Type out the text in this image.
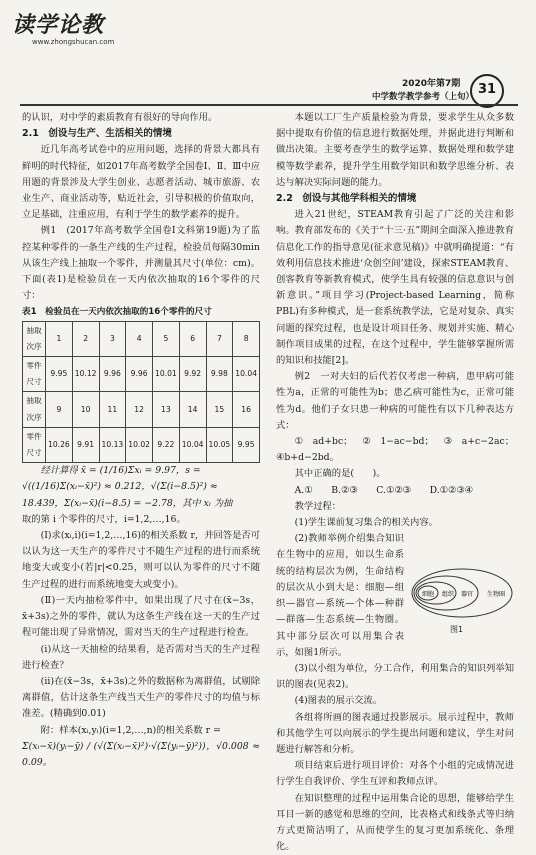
读学论教
www.zhongshucan.com
2020年第7期
中学数学教学参考（上旬） 31

的认识，对中学的素质教育有很好的导向作用。

2.1　创设与生产、生活相关的情境

近几年高考试卷中的应用问题，选择的背景大都具有鲜明的时代特征，如2017年高考数学全国卷Ⅰ、Ⅱ、Ⅲ中应用题的背景涉及大学生创业、志愿者活动、城市旅游、农业生产、商业活动等，贴近社会，引导积极的价值取向，立足基础，注重应用，有利于学生的数学素养的提升。

例1　(2017年高考数学全国卷Ⅰ文科第19题)为了监控某种零件的一条生产线的生产过程，检验员每隔30min从该生产线上抽取一个零件，并测量其尺寸(单位：cm)。下面(表1)是检验员在一天内依次抽取的16个零件的尺寸：

表1　检验员在一天内依次抽取的16个零件的尺寸

抽取次序	1	2	3	4	5	6	7	8
零件尺寸	9.95	10.12	9.96	9.96	10.01	9.92	9.98	10.04
抽取次序	9	10	11	12	13	14	15	16
零件尺寸	10.26	9.91	10.13	10.02	9.22	10.04	10.05	9.95

经计算得 x̄ = (1/16)Σxᵢ = 9.97，s =

√((1/16)Σ(xᵢ−x̄)²) ≈ 0.212，√(Σ(i−8.5)²) ≈

18.439，Σ(xᵢ−x̄)(i−8.5) = −2.78，其中 xᵢ 为抽

取的第 i 个零件的尺寸，i=1,2,…,16。

(Ⅰ)求(xᵢ,i)(i=1,2,…,16)的相关系数 r，并回答是否可以认为这一天生产的零件尺寸不随生产过程的进行而系统地变大或变小(若|r|<0.25，则可以认为零件的尺寸不随生产过程的进行而系统地变大或变小)。

(Ⅱ)一天内抽检零件中，如果出现了尺寸在(x̄−3s，x̄+3s)之外的零件，就认为这条生产线在这一天的生产过程可能出现了异常情况，需对当天的生产过程进行检查。

(ⅰ)从这一天抽检的结果看，是否需对当天的生产过程进行检查？

(ⅱ)在(x̄−3s，x̄+3s)之外的数据称为离群值，试剔除离群值，估计这条生产线当天生产的零件尺寸的均值与标准差。(精确到0.01)

附：样本(xᵢ,yᵢ)(i=1,2,…,n)的相关系数 r =

Σ(xᵢ−x̄)(yᵢ−ȳ) / (√(Σ(xᵢ−x̄)²)·√(Σ(yᵢ−ȳ)²))，√0.008 ≈ 0.09。

本题以工厂生产质量检验为背景，要求学生从众多数据中提取有价值的信息进行数据处理，并据此进行判断和做出决策。主要考查学生的数学运算、数据处理和数学建模等数学素养，提升学生用数学知识和数学思维分析、表达与解决实际问题的能力。

2.2　创设与其他学科相关的情境

进入21世纪，STEAM教育引起了广泛的关注和影响。教育部发布的《关于“十三·五”期间全面深入推进教育信息化工作的指导意见(征求意见稿)》中就明确提道：“有效利用信息技术推进‘众创空间’建设，探索STEAM教育、创客教育等新教育模式，使学生具有较强的信息意识与创新意识。”项目学习(Project-based Learning，简称PBL)有多种模式，是一套系统教学法，它是对复杂、真实问题的探究过程，也是设计项目任务、规划并实施、精心制作项目成果的过程，在这个过程中，学生能够掌握所需的知识和技能[2]。

例2　一对夫妇的后代若仅考虑一种病，患甲病可能性为a，正常的可能性为b；患乙病可能性为c，正常可能性为d。他们子女只患一种病的可能性有以下几种表达方式：

①ad+bc；②1−ac−bd；③a+c−2ac；④b+d−2bd。

其中正确的是(　　)。

A.①　　B.②③　　C.①②③　　D.①②③④

教学过程：

(1)学生课前复习集合的相关内容。

(2)教师举例介绍集合知识在生物中的应用，如以生命系统的结构层次为例，生命结构的层次从小到大是：细胞—组织—器官—系统—个体—种群—群落—生态系统—生物圈。其中部分层次可以用集合表示，如图1所示。

(3)以小组为单位，分工合作，利用集合的知识列举知识的图表(见表2)。

(4)图表的展示交流。

各组将所画的图表通过投影展示。展示过程中，教师和其他学生可以向展示的学生提出问题和建议，学生对问题进行解答和分析。

项目结束后进行项目评价：对各个小组的完成情况进行学生自我评价、学生互评和教师点评。

在知识整理的过程中运用集合论的思想，能够给学生耳目一新的感觉和思维的空间，比表格式和线条式等归纳方式更简洁明了，从而使学生的复习更加系统化、条理化。

细胞 组织 器官 生物圈
图1
